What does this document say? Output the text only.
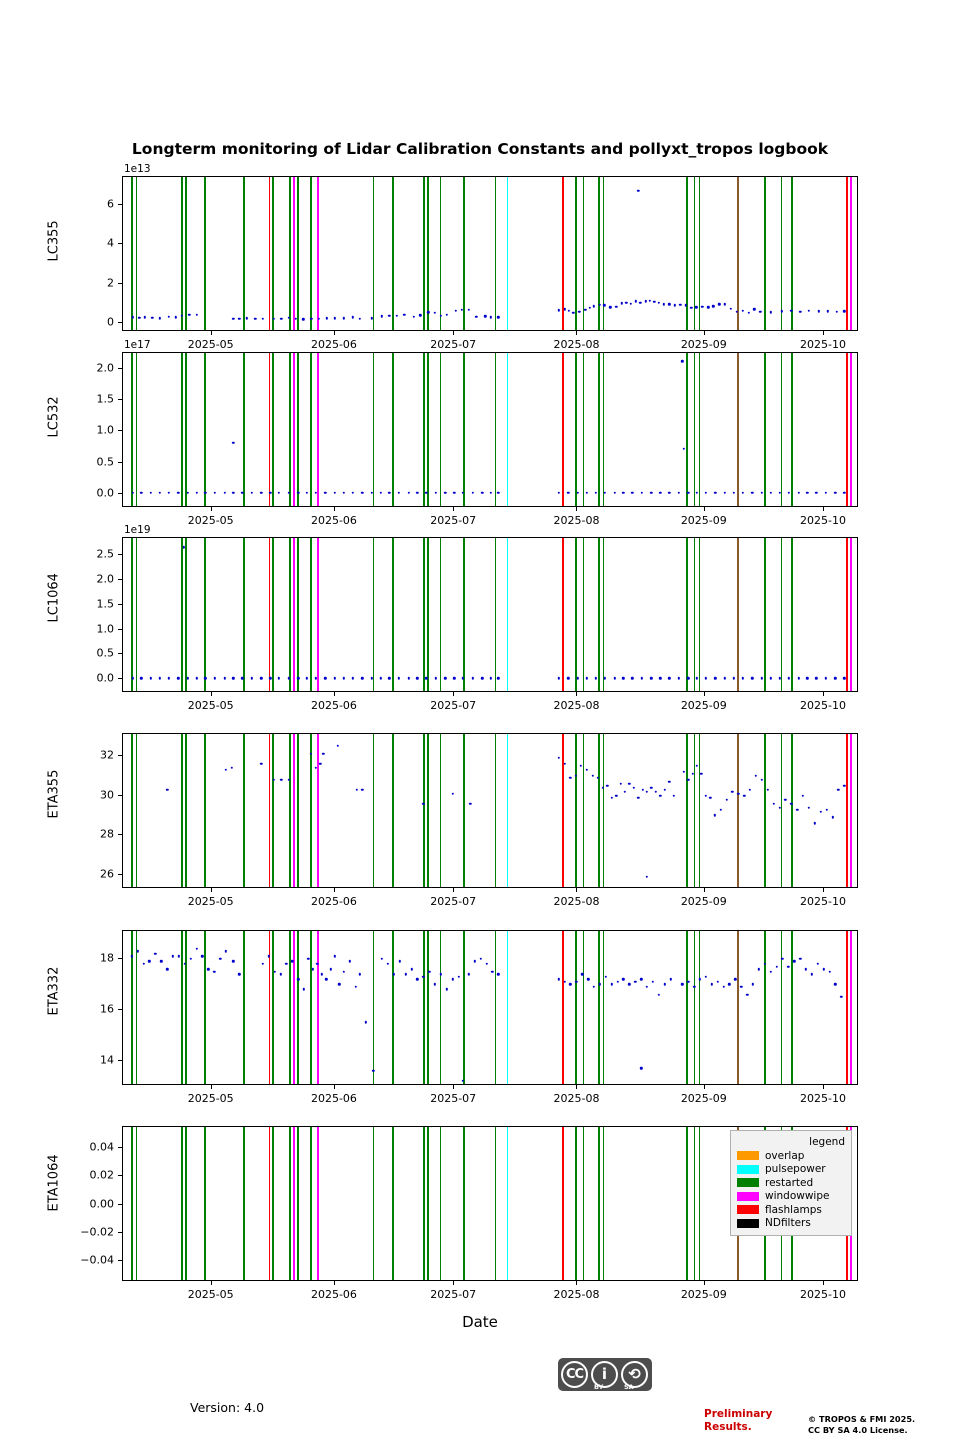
Longterm monitoring of Lidar Calibration Constants and pollyxt_tropos logbook
LC355
1e13
0
2
4
6
2025-05	2025-06	2025-07	2025-08	2025-09	2025-10
LC532
1e17
0.0
0.5
1.0
1.5
2.0
2025-05	2025-06	2025-07	2025-08	2025-09	2025-10
LC1064
1e19
0.0
0.5
1.0
1.5
2.0
2.5
2025-05	2025-06	2025-07	2025-08	2025-09	2025-10
ETA355
26
28
30
32
2025-05	2025-06	2025-07	2025-08	2025-09	2025-10
ETA332
14
16
18
2025-05	2025-06	2025-07	2025-08	2025-09	2025-10
ETA1064
−0.04
−0.02
0.00
0.02
0.04
2025-05	2025-06	2025-07	2025-08	2025-09	2025-10
Date
Version: 4.0
CC	i	⟲
BY	SA
Preliminary
Results.
© TROPOS & FMI 2025.
CC BY SA 4.0 License.
legend
overlap
pulsepower
restarted
windowwipe
flashlamps
NDfilters
